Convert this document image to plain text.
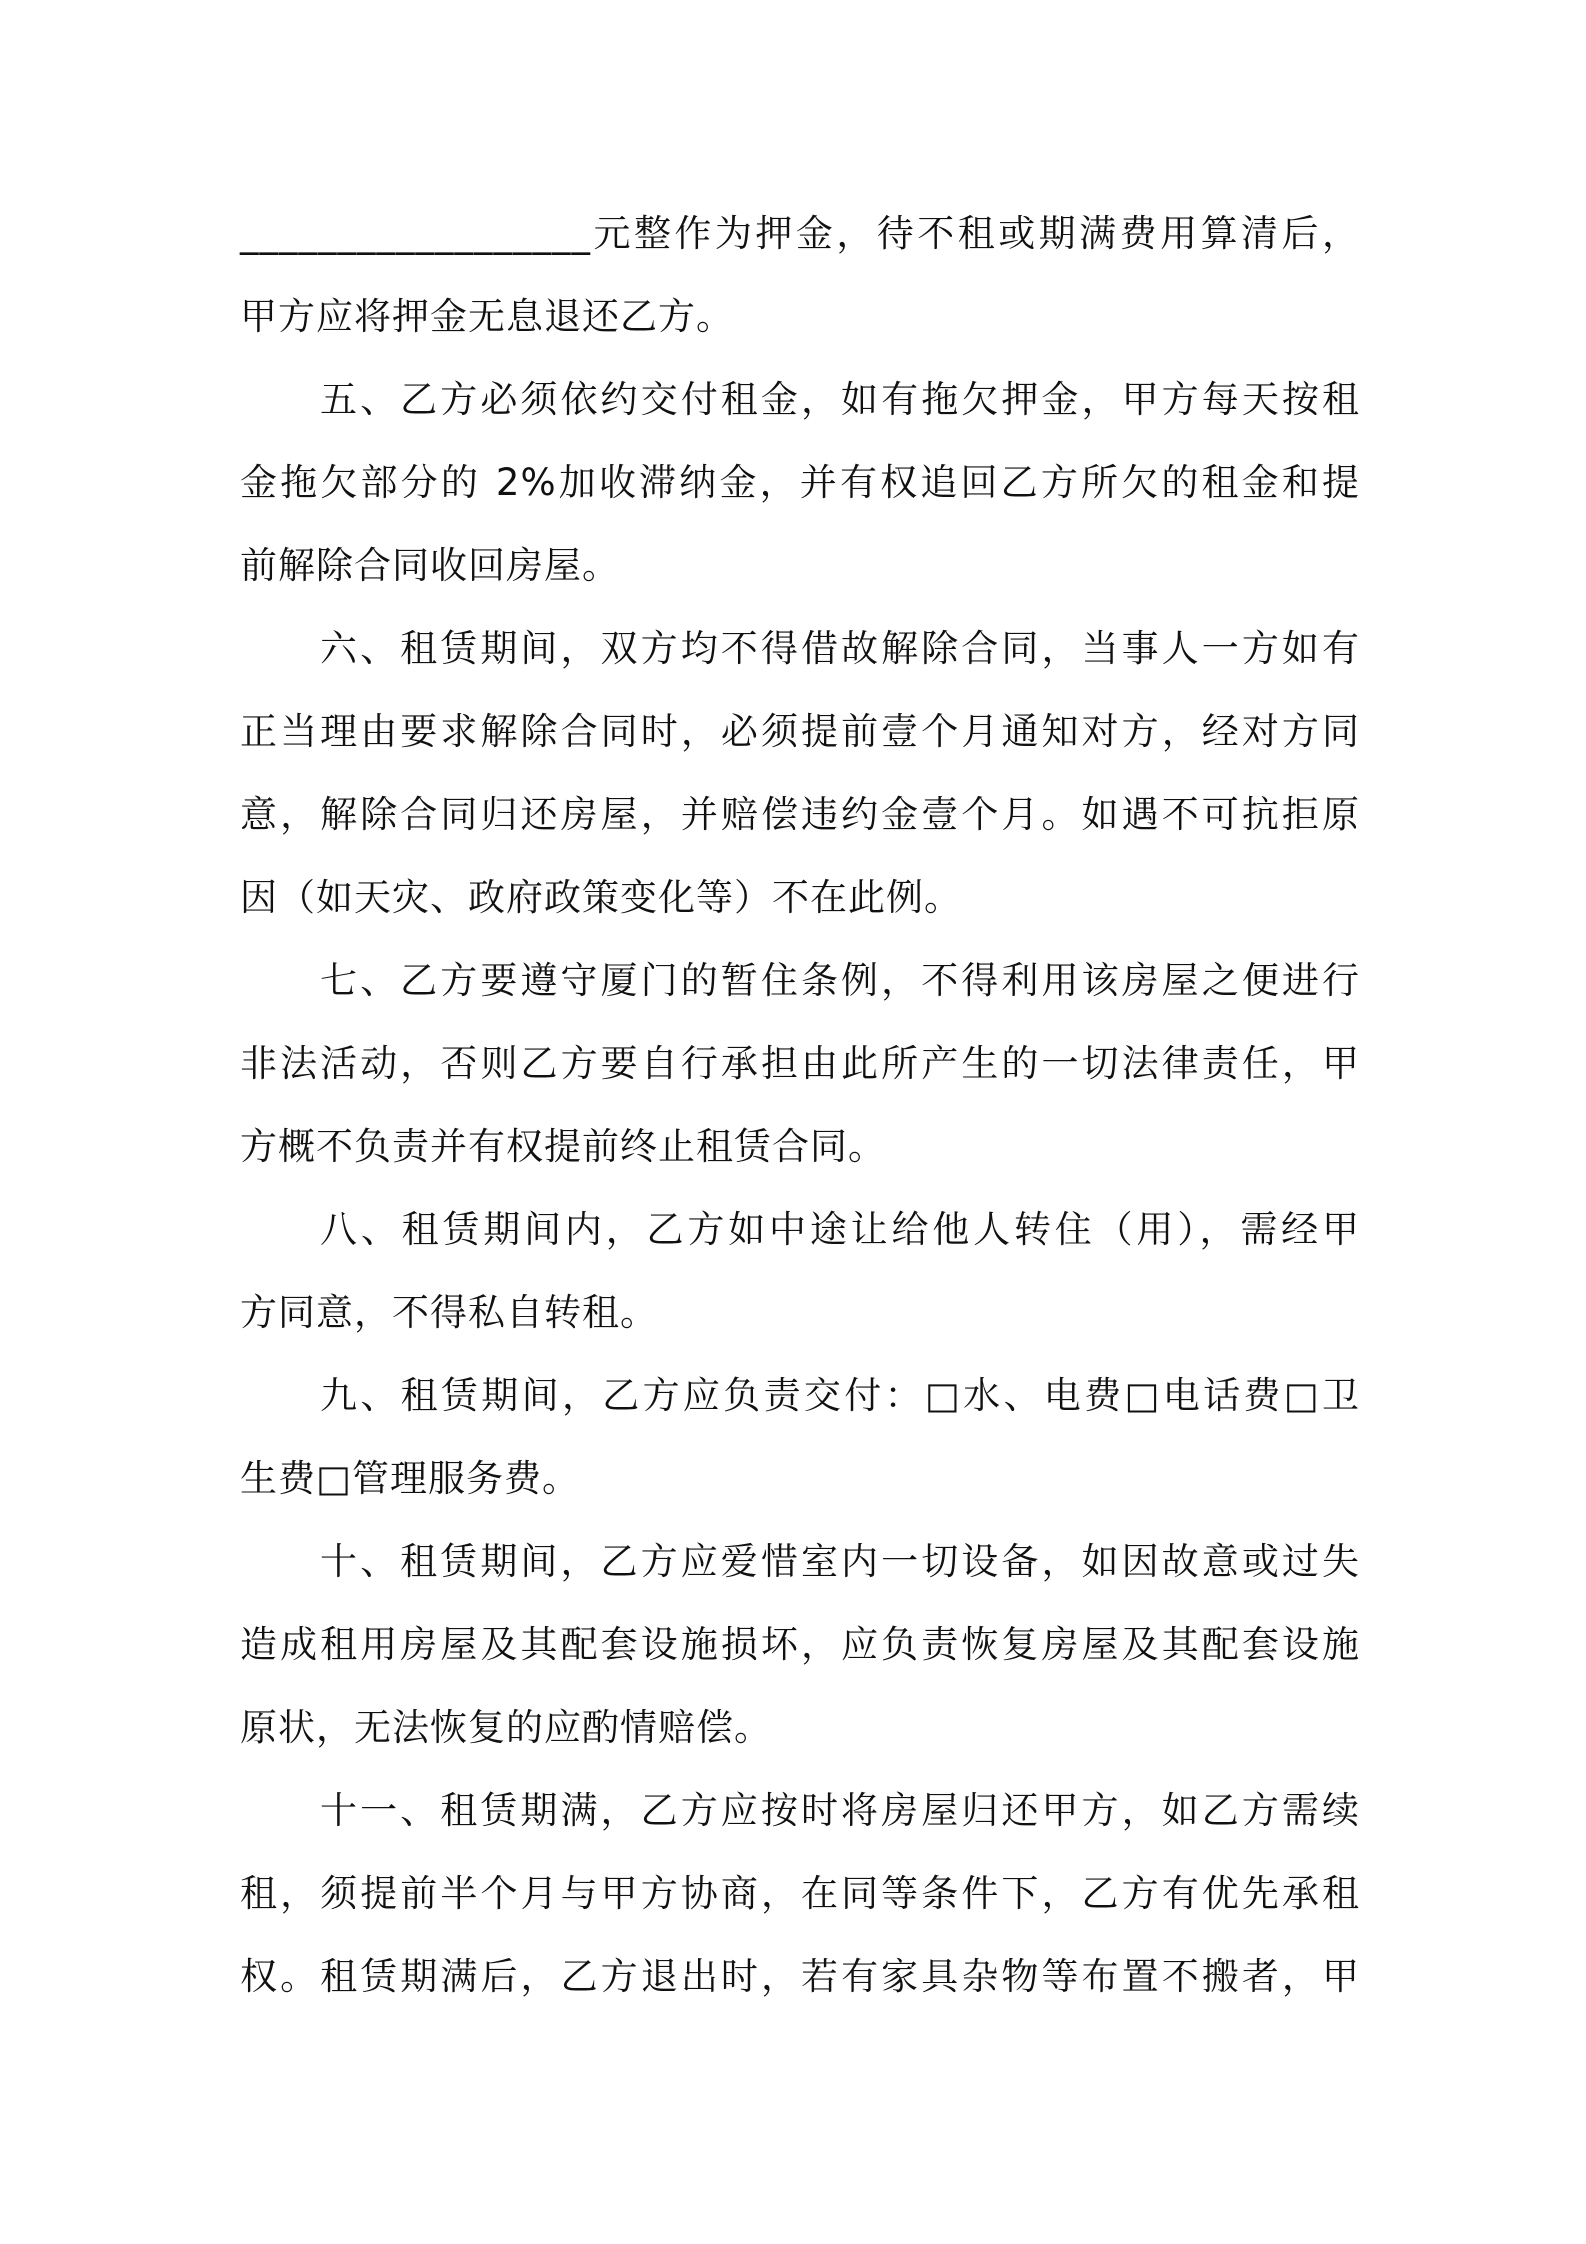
__________________元整作为押金，待不租或期满费用算清后，
甲方应将押金无息退还乙方。
五、乙方必须依约交付租金，如有拖欠押金，甲方每天按租
金拖欠部分的 2%加收滞纳金，并有权追回乙方所欠的租金和提
前解除合同收回房屋。
六、租赁期间，双方均不得借故解除合同，当事人一方如有
正当理由要求解除合同时，必须提前壹个月通知对方，经对方同
意，解除合同归还房屋，并赔偿违约金壹个月。如遇不可抗拒原
因（如天灾、政府政策变化等）不在此例。
七、乙方要遵守厦门的暂住条例，不得利用该房屋之便进行
非法活动，否则乙方要自行承担由此所产生的一切法律责任，甲
方概不负责并有权提前终止租赁合同。
八、租赁期间内，乙方如中途让给他人转住（用），需经甲
方同意，不得私自转租。
九、租赁期间，乙方应负责交付：□水、电费□电话费□卫
生费□管理服务费。
十、租赁期间，乙方应爱惜室内一切设备，如因故意或过失
造成租用房屋及其配套设施损坏，应负责恢复房屋及其配套设施
原状，无法恢复的应酌情赔偿。
十一、租赁期满，乙方应按时将房屋归还甲方，如乙方需续
租，须提前半个月与甲方协商，在同等条件下，乙方有优先承租
权。租赁期满后，乙方退出时，若有家具杂物等布置不搬者，甲
